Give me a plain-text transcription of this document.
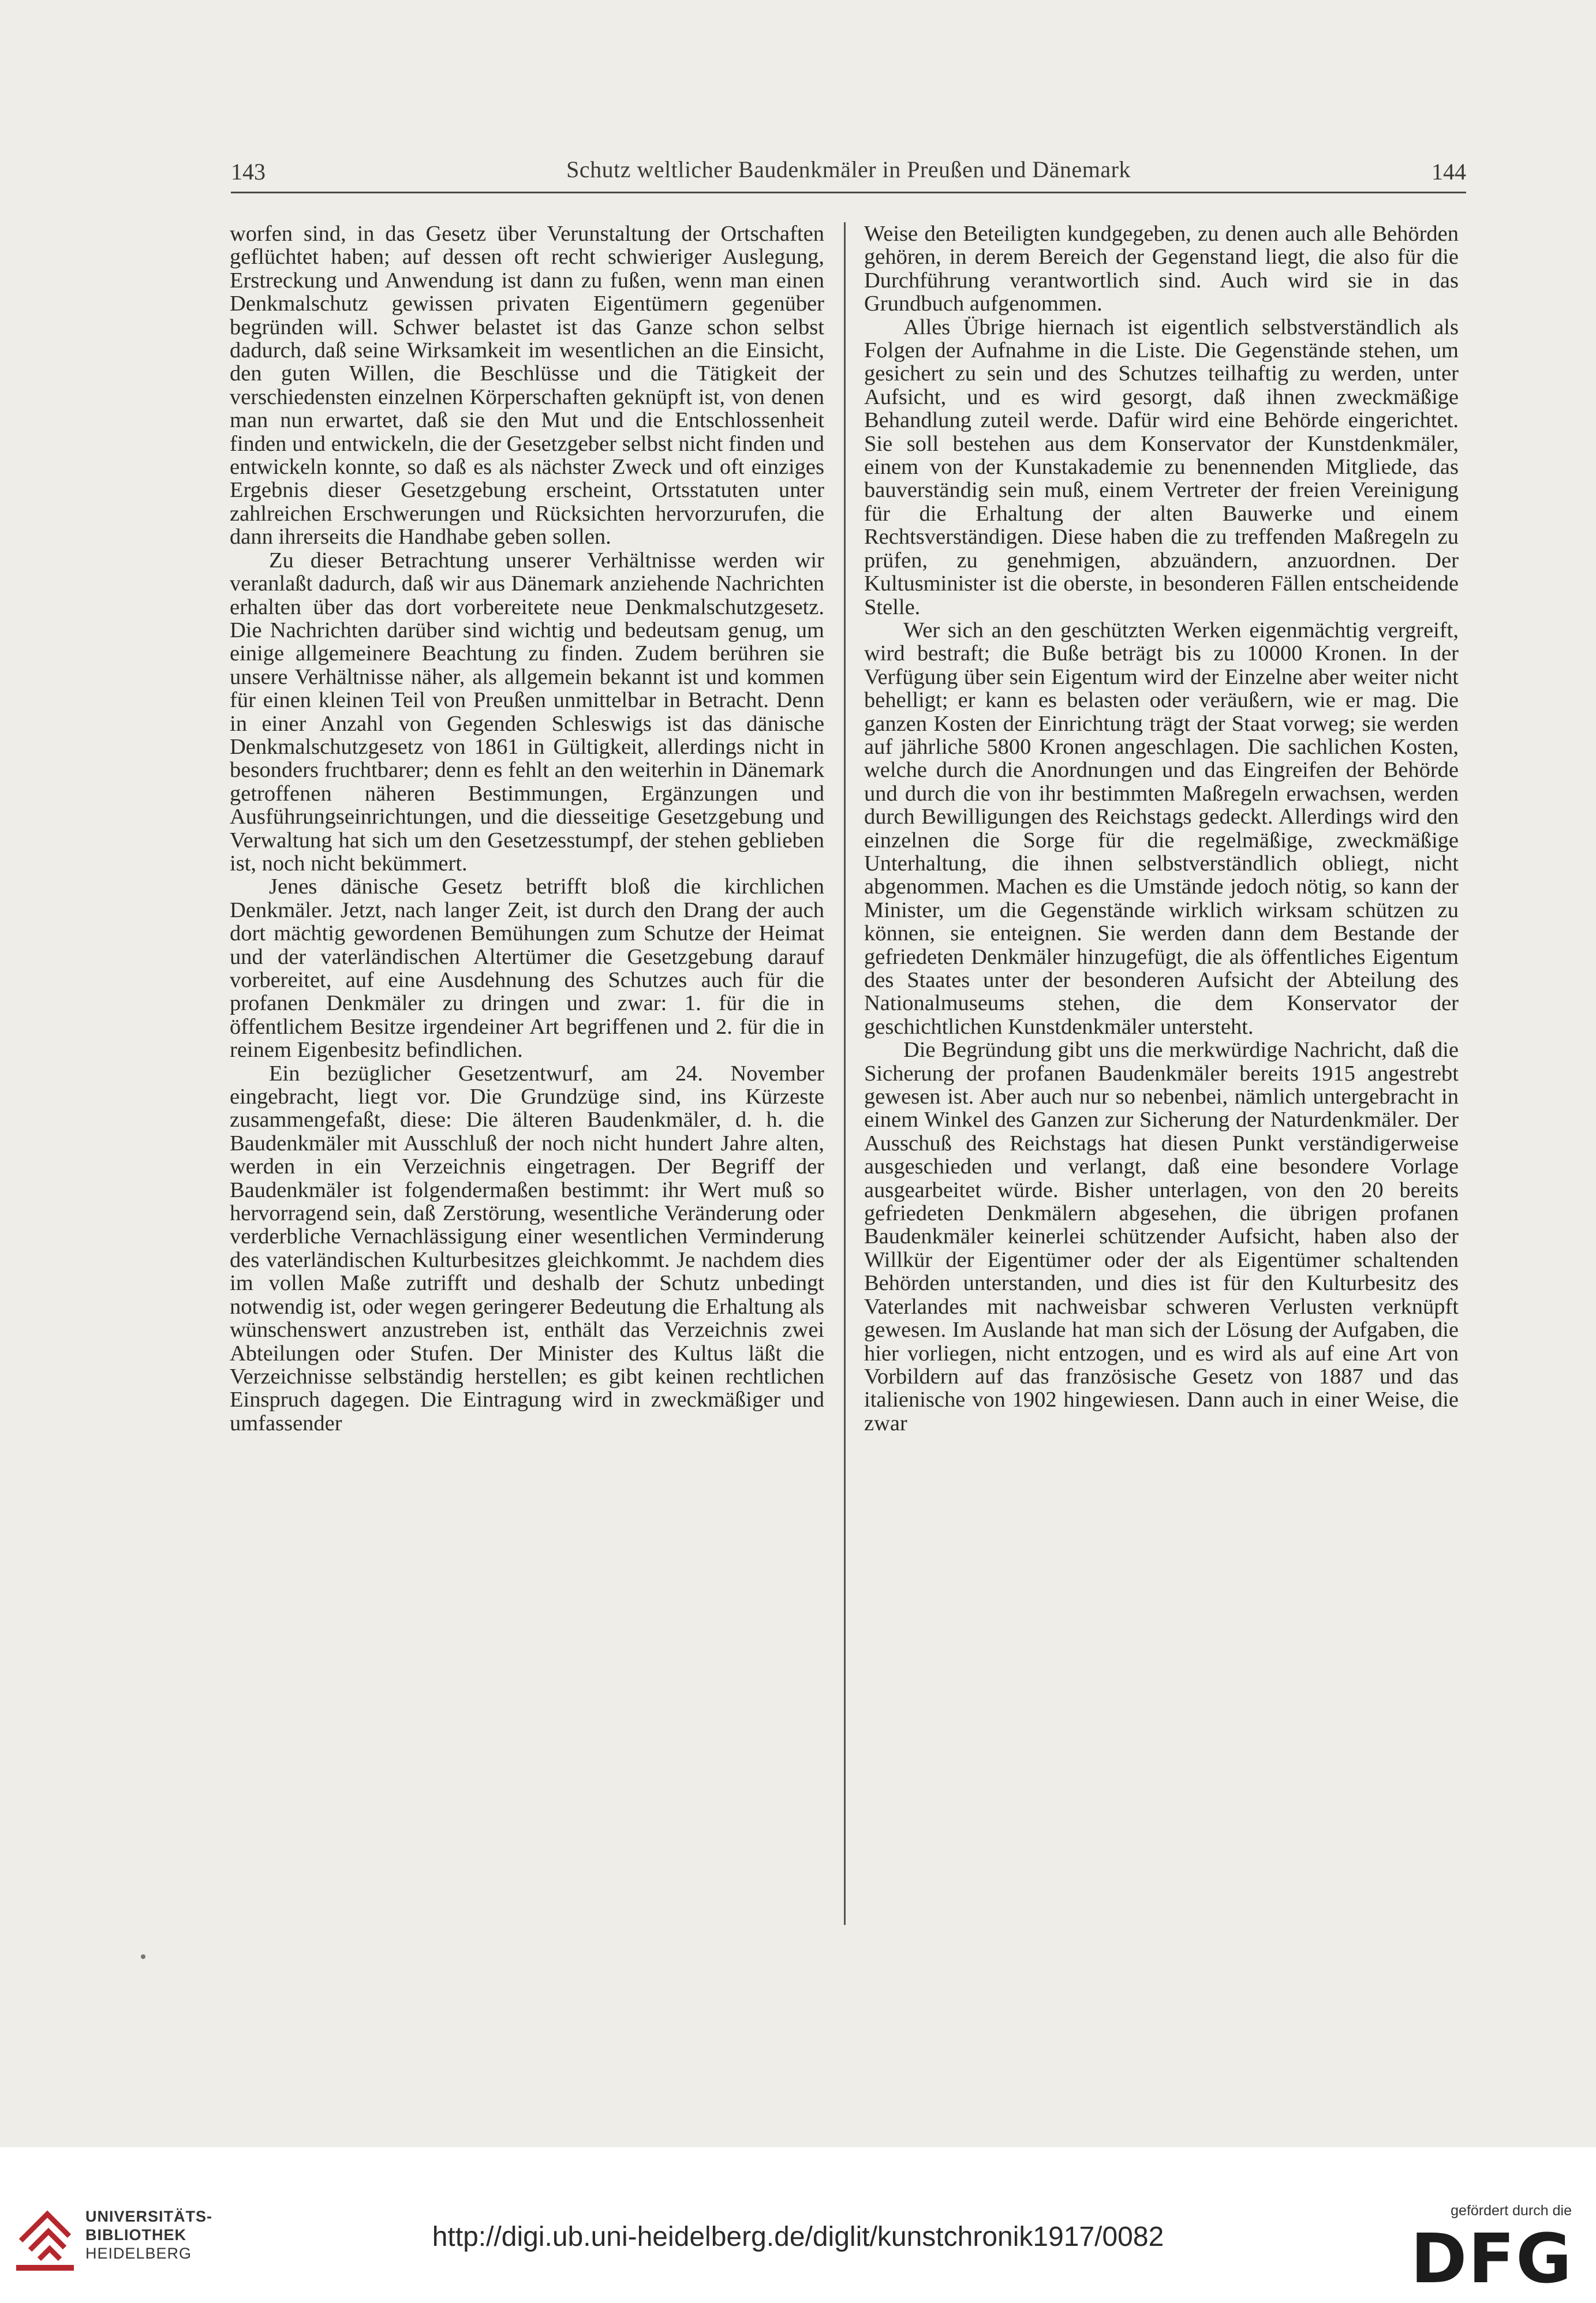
143	Schutz weltlicher Baudenkmäler in Preußen und Dänemark	144

worfen sind, in das Gesetz über Verunstaltung der Ortschaften geflüchtet haben; auf dessen oft recht schwieriger Auslegung, Erstreckung und Anwendung ist dann zu fußen, wenn man einen Denkmalschutz gewissen privaten Eigentümern gegenüber begründen will. Schwer belastet ist das Ganze schon selbst dadurch, daß seine Wirksamkeit im wesentlichen an die Einsicht, den guten Willen, die Beschlüsse und die Tätigkeit der verschiedensten einzelnen Körperschaften geknüpft ist, von denen man nun erwartet, daß sie den Mut und die Entschlossenheit finden und entwickeln, die der Gesetzgeber selbst nicht finden und entwickeln konnte, so daß es als nächster Zweck und oft einziges Ergebnis dieser Gesetzgebung erscheint, Ortsstatuten unter zahlreichen Erschwerungen und Rücksichten hervorzurufen, die dann ihrerseits die Handhabe geben sollen.

Zu dieser Betrachtung unserer Verhältnisse werden wir veranlaßt dadurch, daß wir aus Dänemark anziehende Nachrichten erhalten über das dort vorbereitete neue Denkmalschutzgesetz. Die Nachrichten darüber sind wichtig und bedeutsam genug, um einige allgemeinere Beachtung zu finden. Zudem berühren sie unsere Verhältnisse näher, als allgemein bekannt ist und kommen für einen kleinen Teil von Preußen unmittelbar in Betracht. Denn in einer Anzahl von Gegenden Schleswigs ist das dänische Denkmalschutzgesetz von 1861 in Gültigkeit, allerdings nicht in besonders fruchtbarer; denn es fehlt an den weiterhin in Dänemark getroffenen näheren Bestimmungen, Ergänzungen und Ausführungseinrichtungen, und die diesseitige Gesetzgebung und Verwaltung hat sich um den Gesetzesstumpf, der stehen geblieben ist, noch nicht bekümmert.

Jenes dänische Gesetz betrifft bloß die kirchlichen Denkmäler. Jetzt, nach langer Zeit, ist durch den Drang der auch dort mächtig gewordenen Bemühungen zum Schutze der Heimat und der vaterländischen Altertümer die Gesetzgebung darauf vorbereitet, auf eine Ausdehnung des Schutzes auch für die profanen Denkmäler zu dringen und zwar: 1. für die in öffentlichem Besitze irgendeiner Art begriffenen und 2. für die in reinem Eigenbesitz befindlichen.

Ein bezüglicher Gesetzentwurf, am 24. November eingebracht, liegt vor. Die Grundzüge sind, ins Kürzeste zusammengefaßt, diese: Die älteren Baudenkmäler, d. h. die Baudenkmäler mit Ausschluß der noch nicht hundert Jahre alten, werden in ein Verzeichnis eingetragen. Der Begriff der Baudenkmäler ist folgendermaßen bestimmt: ihr Wert muß so hervorragend sein, daß Zerstörung, wesentliche Veränderung oder verderbliche Vernachlässigung einer wesentlichen Verminderung des vaterländischen Kulturbesitzes gleichkommt. Je nachdem dies im vollen Maße zutrifft und deshalb der Schutz unbedingt notwendig ist, oder wegen geringerer Bedeutung die Erhaltung als wünschenswert anzustreben ist, enthält das Verzeichnis zwei Abteilungen oder Stufen. Der Minister des Kultus läßt die Verzeichnisse selbständig herstellen; es gibt keinen rechtlichen Einspruch dagegen. Die Eintragung wird in zweckmäßiger und umfassender

Weise den Beteiligten kundgegeben, zu denen auch alle Behörden gehören, in derem Bereich der Gegenstand liegt, die also für die Durchführung verantwortlich sind. Auch wird sie in das Grundbuch aufgenommen.

Alles Übrige hiernach ist eigentlich selbstverständlich als Folgen der Aufnahme in die Liste. Die Gegenstände stehen, um gesichert zu sein und des Schutzes teilhaftig zu werden, unter Aufsicht, und es wird gesorgt, daß ihnen zweckmäßige Behandlung zuteil werde. Dafür wird eine Behörde eingerichtet. Sie soll bestehen aus dem Konservator der Kunstdenkmäler, einem von der Kunstakademie zu benennenden Mitgliede, das bauverständig sein muß, einem Vertreter der freien Vereinigung für die Erhaltung der alten Bauwerke und einem Rechtsverständigen. Diese haben die zu treffenden Maßregeln zu prüfen, zu genehmigen, abzuändern, anzuordnen. Der Kultusminister ist die oberste, in besonderen Fällen entscheidende Stelle.

Wer sich an den geschützten Werken eigenmächtig vergreift, wird bestraft; die Buße beträgt bis zu 10000 Kronen. In der Verfügung über sein Eigentum wird der Einzelne aber weiter nicht behelligt; er kann es belasten oder veräußern, wie er mag. Die ganzen Kosten der Einrichtung trägt der Staat vorweg; sie werden auf jährliche 5800 Kronen angeschlagen. Die sachlichen Kosten, welche durch die Anordnungen und das Eingreifen der Behörde und durch die von ihr bestimmten Maßregeln erwachsen, werden durch Bewilligungen des Reichstags gedeckt. Allerdings wird den einzelnen die Sorge für die regelmäßige, zweckmäßige Unterhaltung, die ihnen selbstverständlich obliegt, nicht abgenommen. Machen es die Umstände jedoch nötig, so kann der Minister, um die Gegenstände wirklich wirksam schützen zu können, sie enteignen. Sie werden dann dem Bestande der gefriedeten Denkmäler hinzugefügt, die als öffentliches Eigentum des Staates unter der besonderen Aufsicht der Abteilung des Nationalmuseums stehen, die dem Konservator der geschichtlichen Kunstdenkmäler untersteht.

Die Begründung gibt uns die merkwürdige Nachricht, daß die Sicherung der profanen Baudenkmäler bereits 1915 angestrebt gewesen ist. Aber auch nur so nebenbei, nämlich untergebracht in einem Winkel des Ganzen zur Sicherung der Naturdenkmäler. Der Ausschuß des Reichstags hat diesen Punkt verständigerweise ausgeschieden und verlangt, daß eine besondere Vorlage ausgearbeitet würde. Bisher unterlagen, von den 20 bereits gefriedeten Denkmälern abgesehen, die übrigen profanen Baudenkmäler keinerlei schützender Aufsicht, haben also der Willkür der Eigentümer oder der als Eigentümer schaltenden Behörden unterstanden, und dies ist für den Kulturbesitz des Vaterlandes mit nachweisbar schweren Verlusten verknüpft gewesen. Im Auslande hat man sich der Lösung der Aufgaben, die hier vorliegen, nicht entzogen, und es wird als auf eine Art von Vorbildern auf das französische Gesetz von 1887 und das italienische von 1902 hingewiesen. Dann auch in einer Weise, die zwar

UNIVERSITÄTS-
BIBLIOTHEK
HEIDELBERG
http://digi.ub.uni-heidelberg.de/diglit/kunstchronik1917/0082
gefördert durch die
DFG
